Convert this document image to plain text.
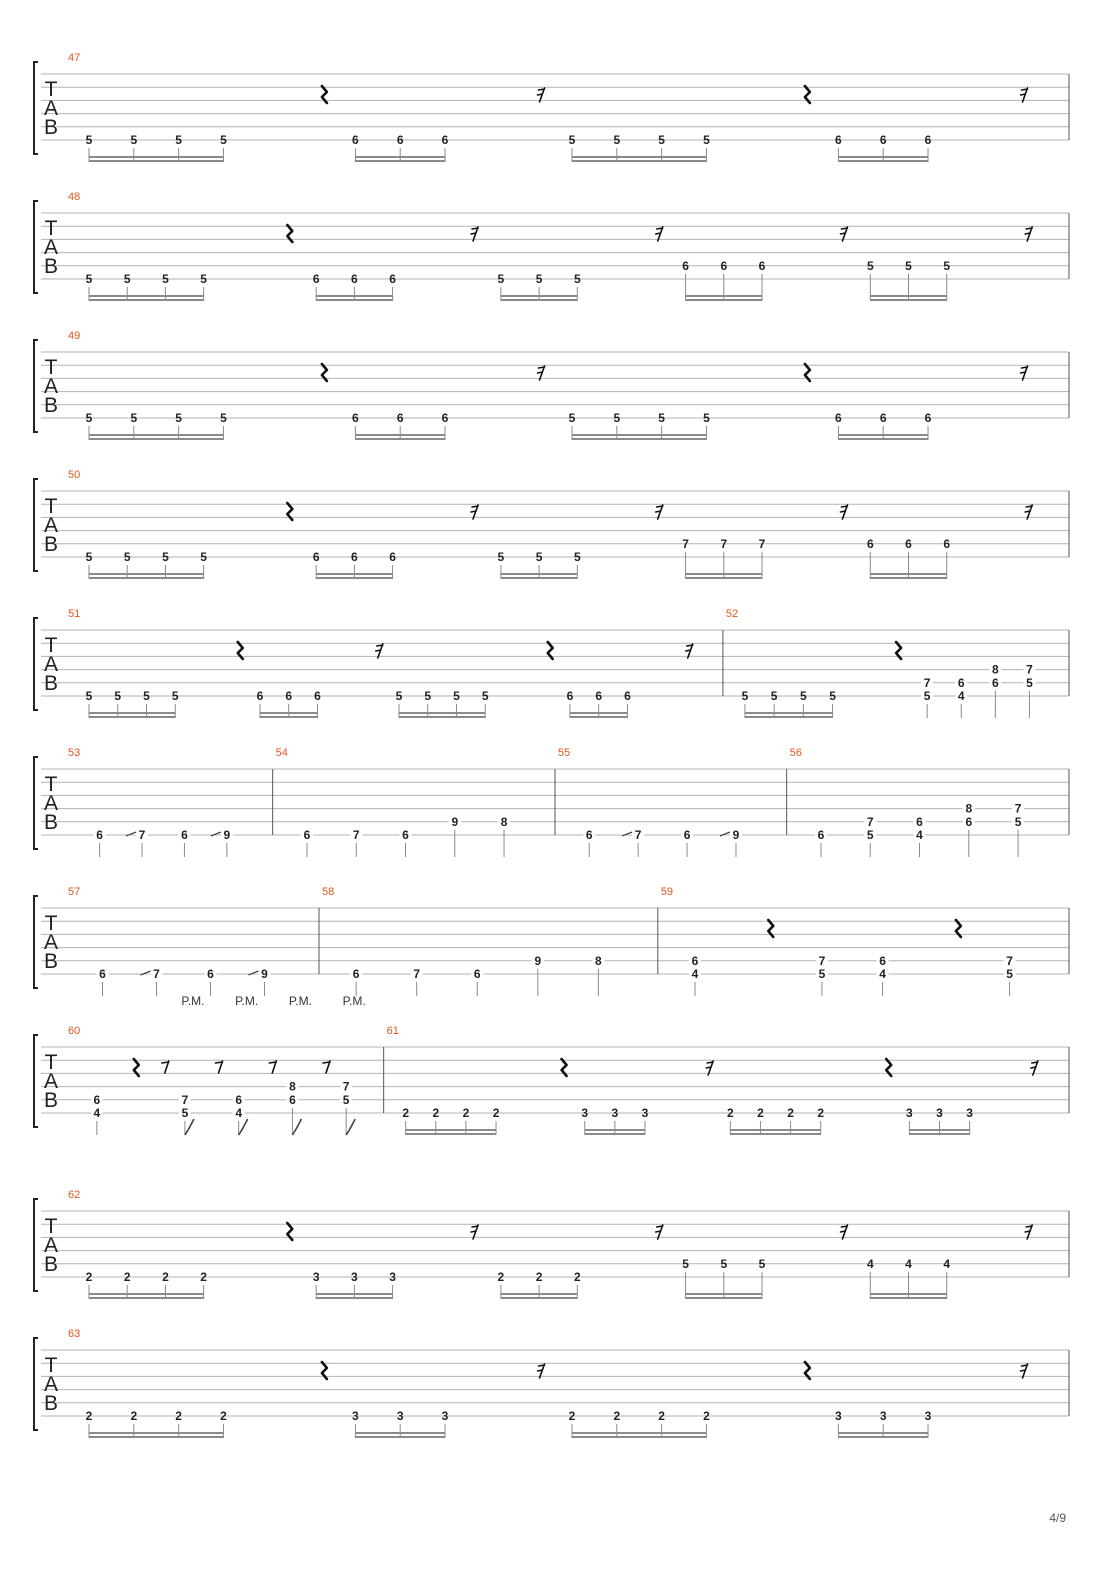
T
A
B
47
5	5	5	5	6	6	6	5	5	5	5	6	6	6
T
A
B
48
5	5	5	5	6	6	6	5	5	5
6	6	6	5	5	5
T
A
B
49
5	5	5	5	6	6	6	5	5	5	5	6	6	6
T
A
B
50
5	5	5	5	6	6	6	5	5	5
7	7	7	6	6	6
T
A
B
51
5 5 5 5	6 6 6	5 5 5 5	6 6 6
52
5 5 5 5
7
5
6
4
8
6
7
5
T
A
B
53
6	7	6	9
54
6	7	6
9	8
55
6	7	6	9
56
6
7
5
6
4
8
6
7
5
T
A
B
57
6	7	6	9
58
6	7	6
9	8
59
6
4
7
5
6
4
7
5
T
A
B
60
6
4
7
5
P.M.
6
4
P.M.
8
6
P.M.
7
5
P.M.
61
2 2 2 2	3 3 3	2 2 2 2	3 3 3
T
A
B
62
2	2	2	2	3	3	3	2	2	2
5	5	5	4	4	4
T
A
B
63
2	2	2	2	3	3	3	2	2	2	2	3	3	3
4/9
